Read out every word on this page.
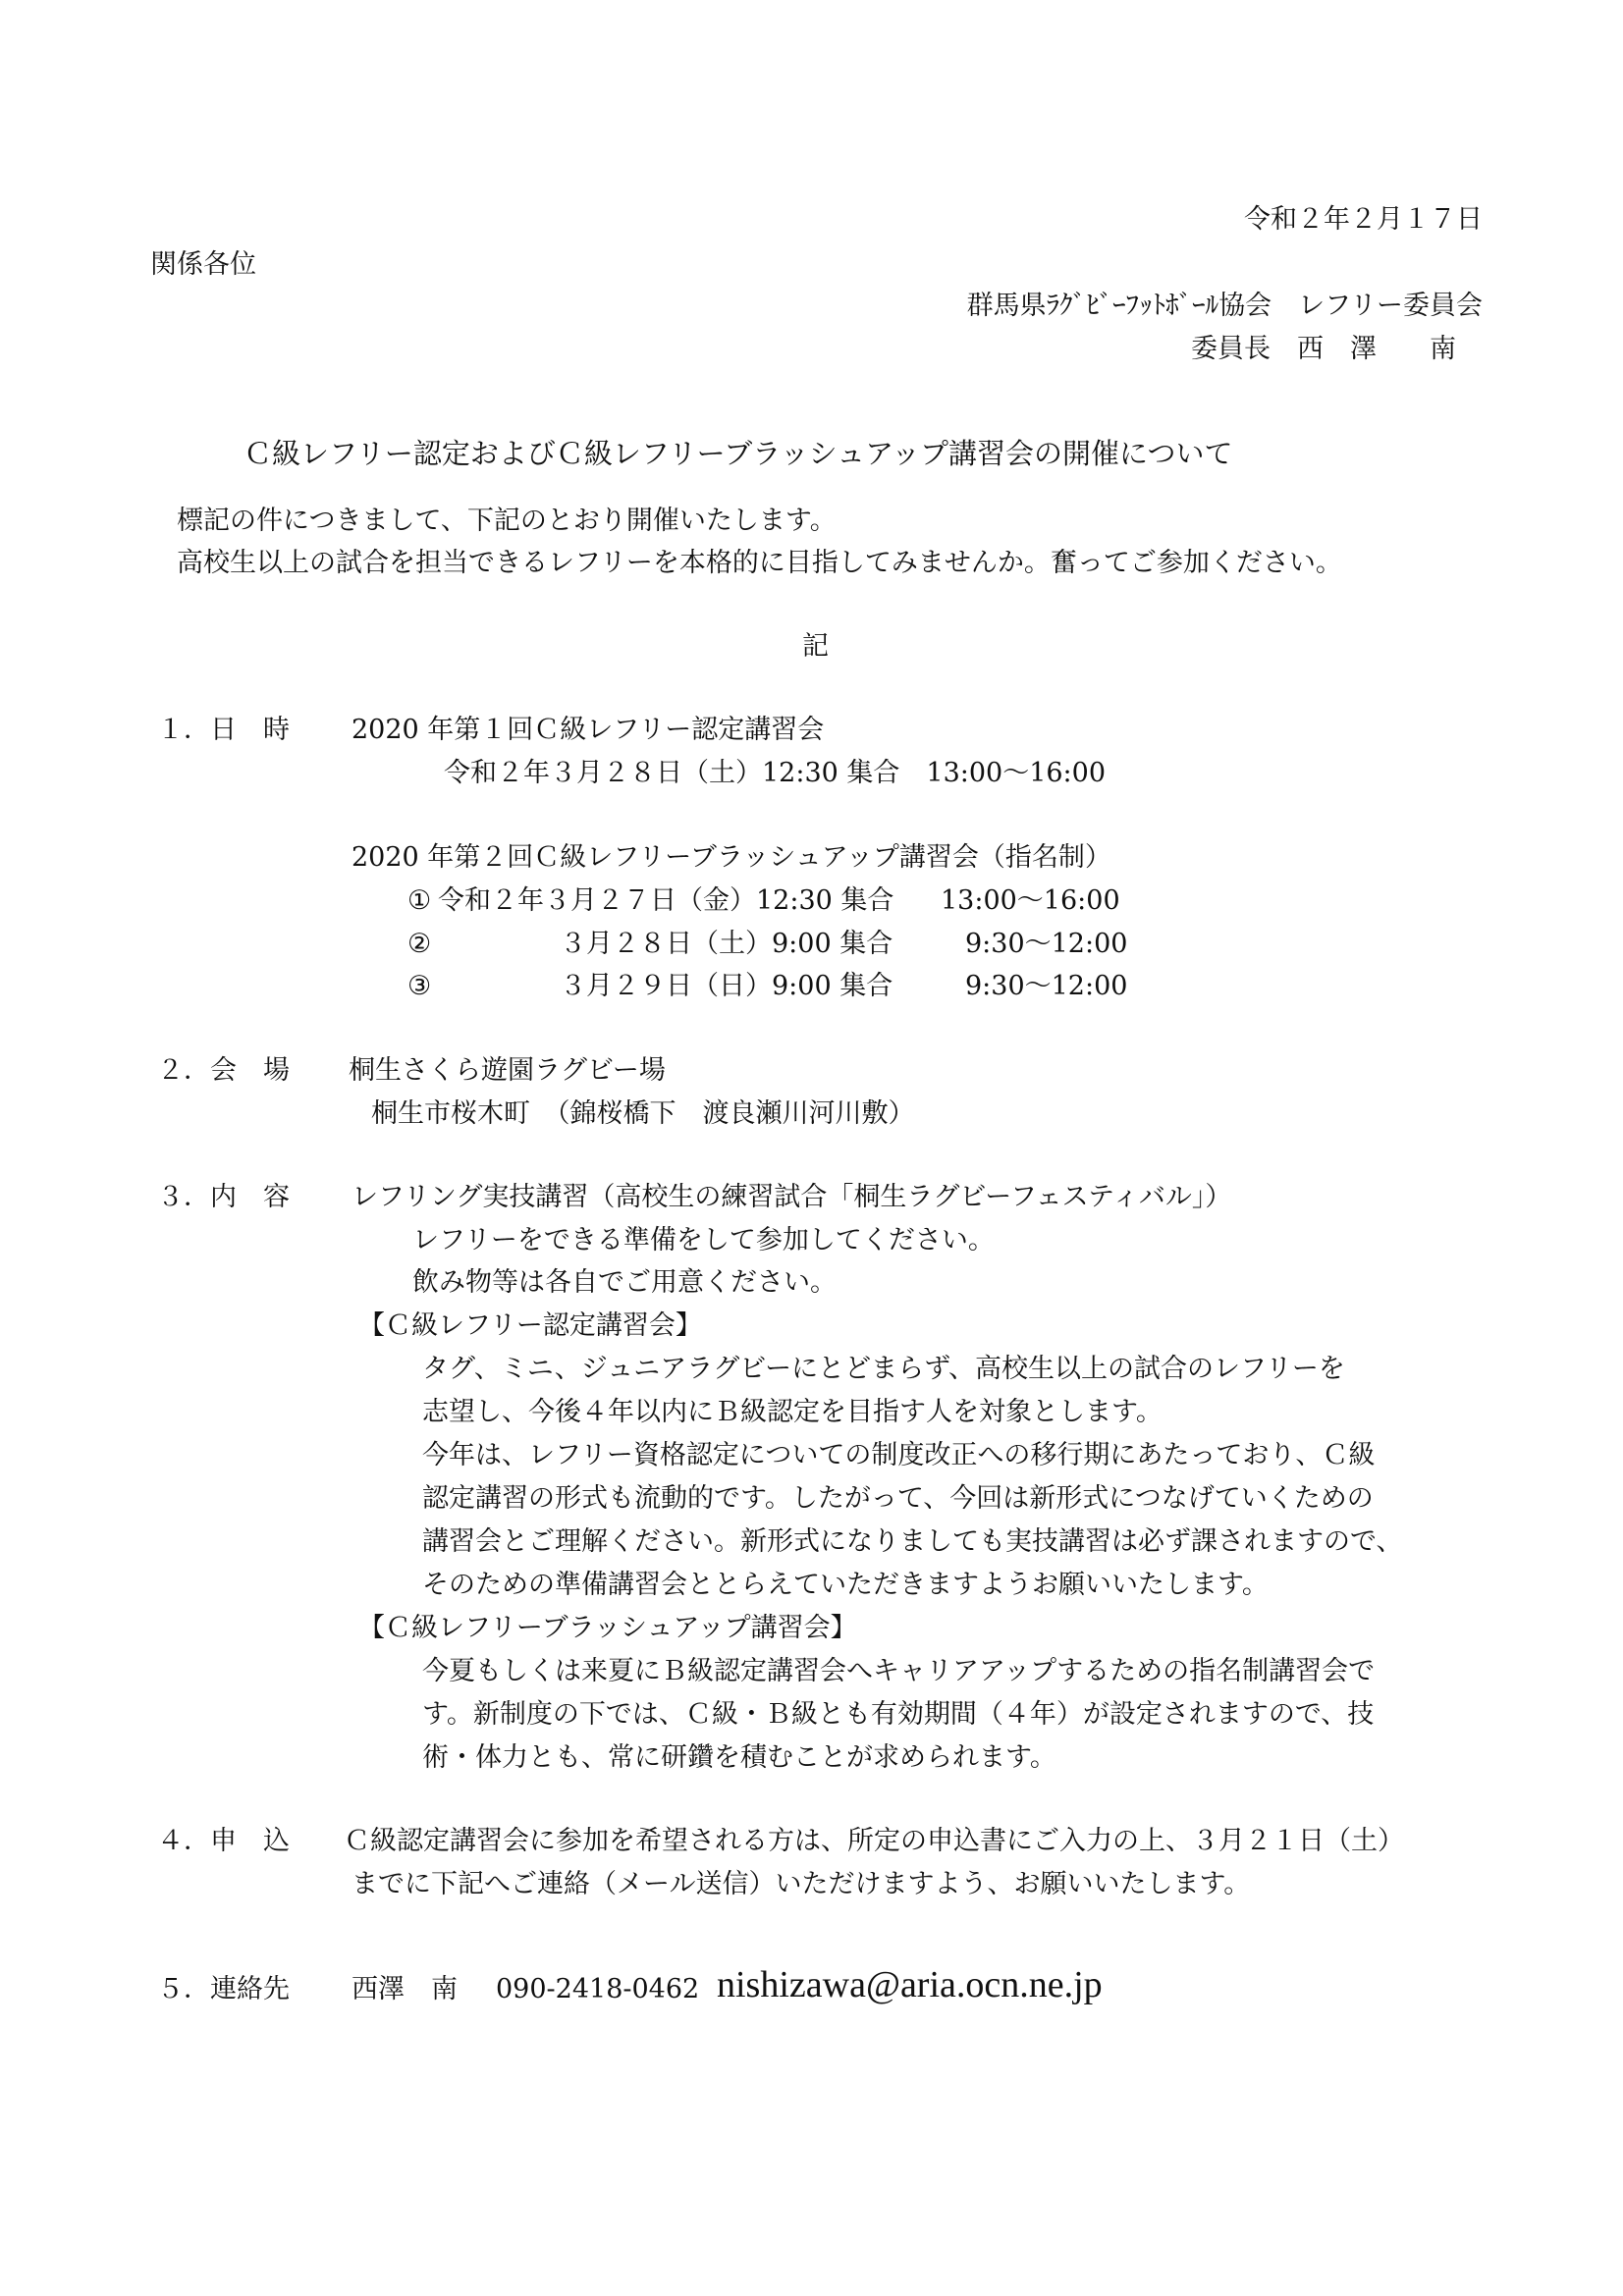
令和２年２月１７日
関係各位
群馬県ﾗｸﾞﾋﾞｰﾌｯﾄﾎﾞｰﾙ協会　レフリー委員会
委員長　西　澤　　南
Ｃ級レフリー認定およびＣ級レフリーブラッシュアップ講習会の開催について
標記の件につきまして、下記のとおり開催いたします。
高校生以上の試合を担当できるレフリーを本格的に目指してみませんか。奮ってご参加ください。
記
１．日　時 2020 年第１回Ｃ級レフリー認定講習会
令和２年３月２８日（土）12:30 集合　13:00～16:00
2020 年第２回Ｃ級レフリーブラッシュアップ講習会（指名制）
① 令和２年３月２７日（金）12:30 集合 13:00～16:00
②	３月２８日（土）9:00 集合	9:30～12:00
③	３月２９日（日）9:00 集合	9:30～12:00
２．会　場 桐生さくら遊園ラグビー場
桐生市桜木町　（錦桜橋下　渡良瀬川河川敷）
３．内　容 レフリング実技講習（高校生の練習試合「桐生ラグビーフェスティバル」）
レフリーをできる準備をして参加してください。
飲み物等は各自でご用意ください。
【Ｃ級レフリー認定講習会】
タグ、ミニ、ジュニアラグビーにとどまらず、高校生以上の試合のレフリーを
志望し、今後４年以内にＢ級認定を目指す人を対象とします。
今年は、レフリー資格認定についての制度改正への移行期にあたっており、Ｃ級
認定講習の形式も流動的です。したがって、今回は新形式につなげていくための
講習会とご理解ください。新形式になりましても実技講習は必ず課されますので、
そのための準備講習会ととらえていただきますようお願いいたします。
【Ｃ級レフリーブラッシュアップ講習会】
今夏もしくは来夏にＢ級認定講習会へキャリアアップするための指名制講習会で
す。新制度の下では、Ｃ級・Ｂ級とも有効期間（４年）が設定されますので、技
術・体力とも、常に研鑽を積むことが求められます。
４．申　込 Ｃ級認定講習会に参加を希望される方は、所定の申込書にご入力の上、３月２１日（土）
までに下記へご連絡（メール送信）いただけますよう、お願いいたします。
５．連絡先 西澤　南 090-2418-0462 nishizawa@aria.ocn.ne.jp
